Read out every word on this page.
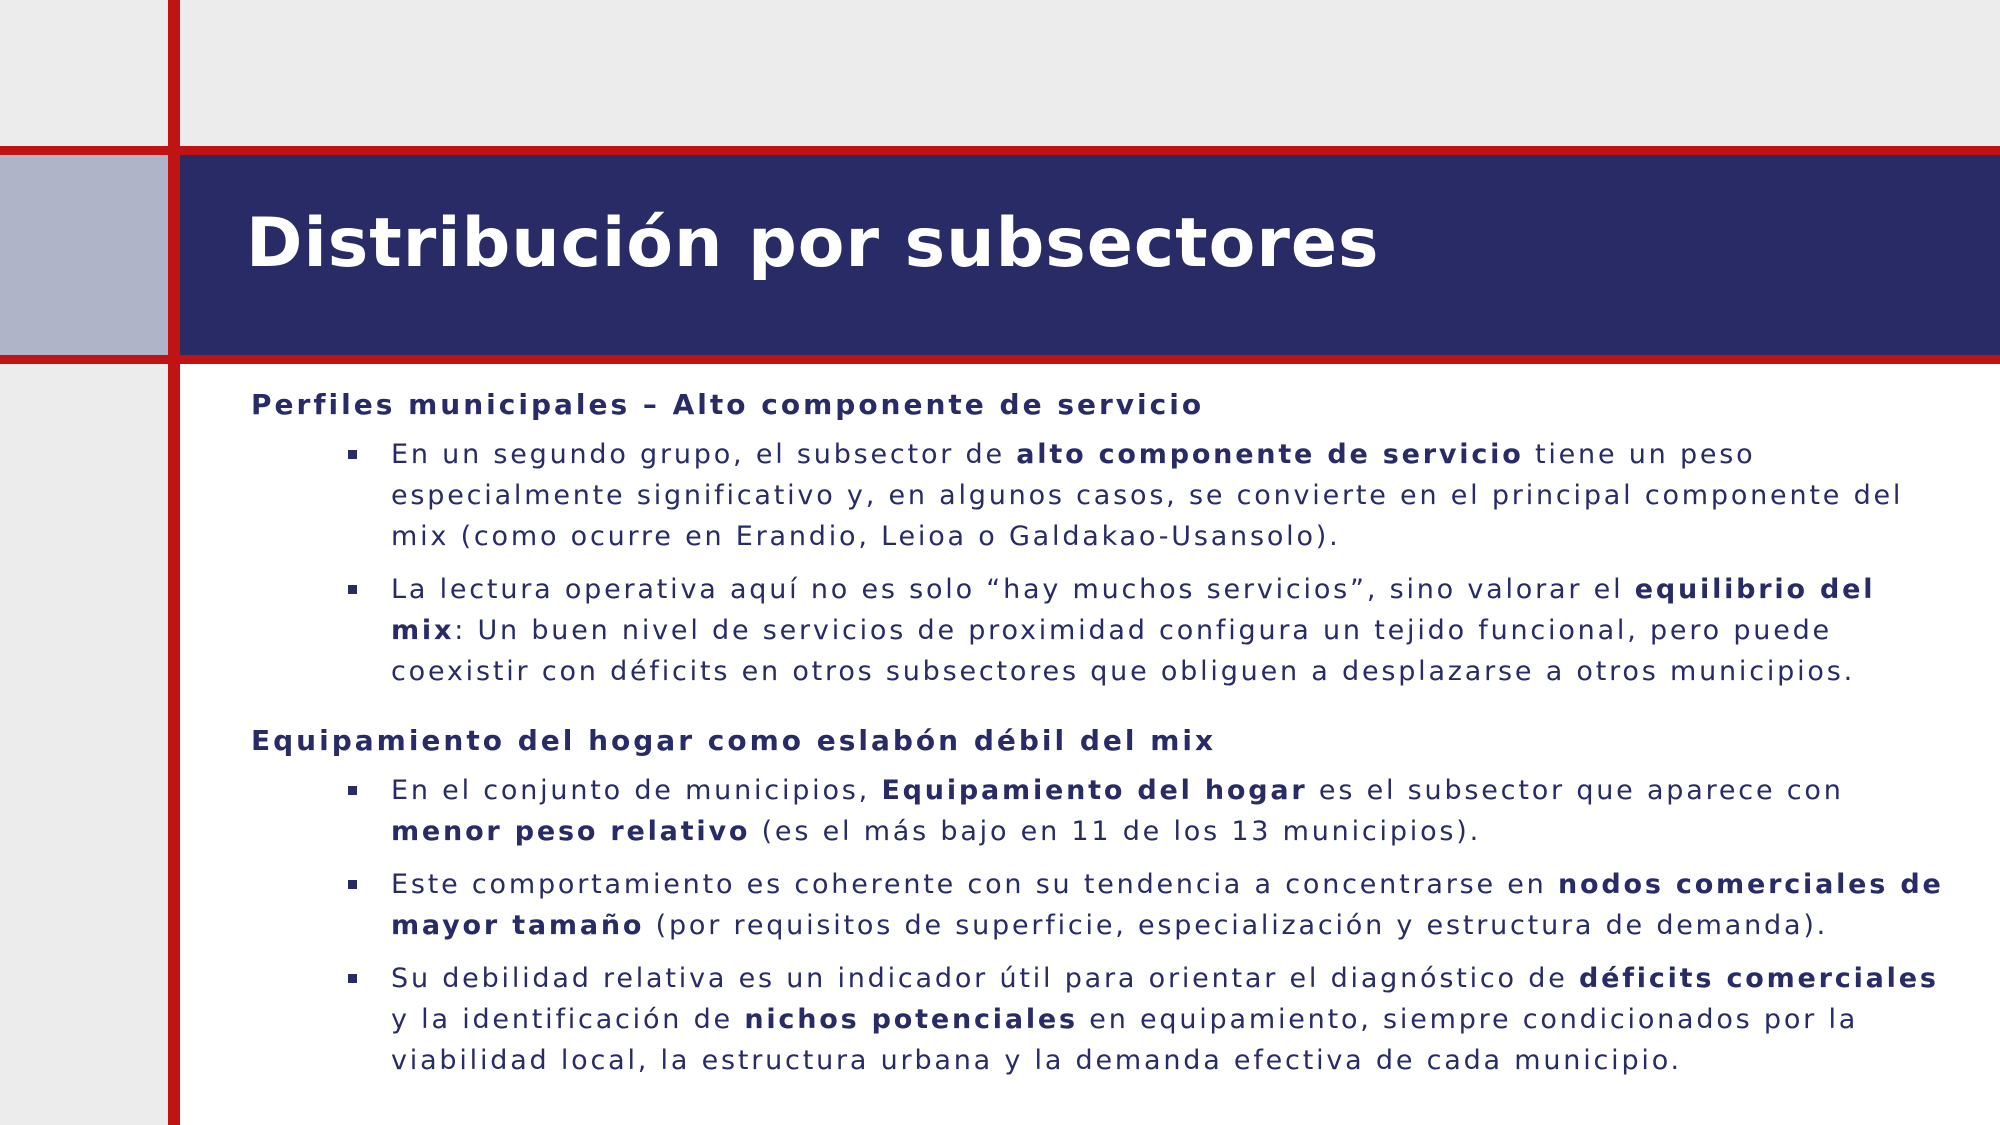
Distribución por subsectores
Perfiles municipales – Alto componente de servicio
En un segundo grupo, el subsector de alto componente de servicio tiene un peso especialmente significativo y, en algunos casos, se convierte en el principal componente del mix (como ocurre en Erandio, Leioa o Galdakao-Usansolo).
La lectura operativa aquí no es solo “hay muchos servicios”, sino valorar el equilibrio del mix: Un buen nivel de servicios de proximidad configura un tejido funcional, pero puede coexistir con déficits en otros subsectores que obliguen a desplazarse a otros municipios.
Equipamiento del hogar como eslabón débil del mix
En el conjunto de municipios, Equipamiento del hogar es el subsector que aparece con menor peso relativo (es el más bajo en 11 de los 13 municipios).
Este comportamiento es coherente con su tendencia a concentrarse en nodos comerciales de mayor tamaño (por requisitos de superficie, especialización y estructura de demanda).
Su debilidad relativa es un indicador útil para orientar el diagnóstico de déficits comerciales y la identificación de nichos potenciales en equipamiento, siempre condicionados por la viabilidad local, la estructura urbana y la demanda efectiva de cada municipio.
